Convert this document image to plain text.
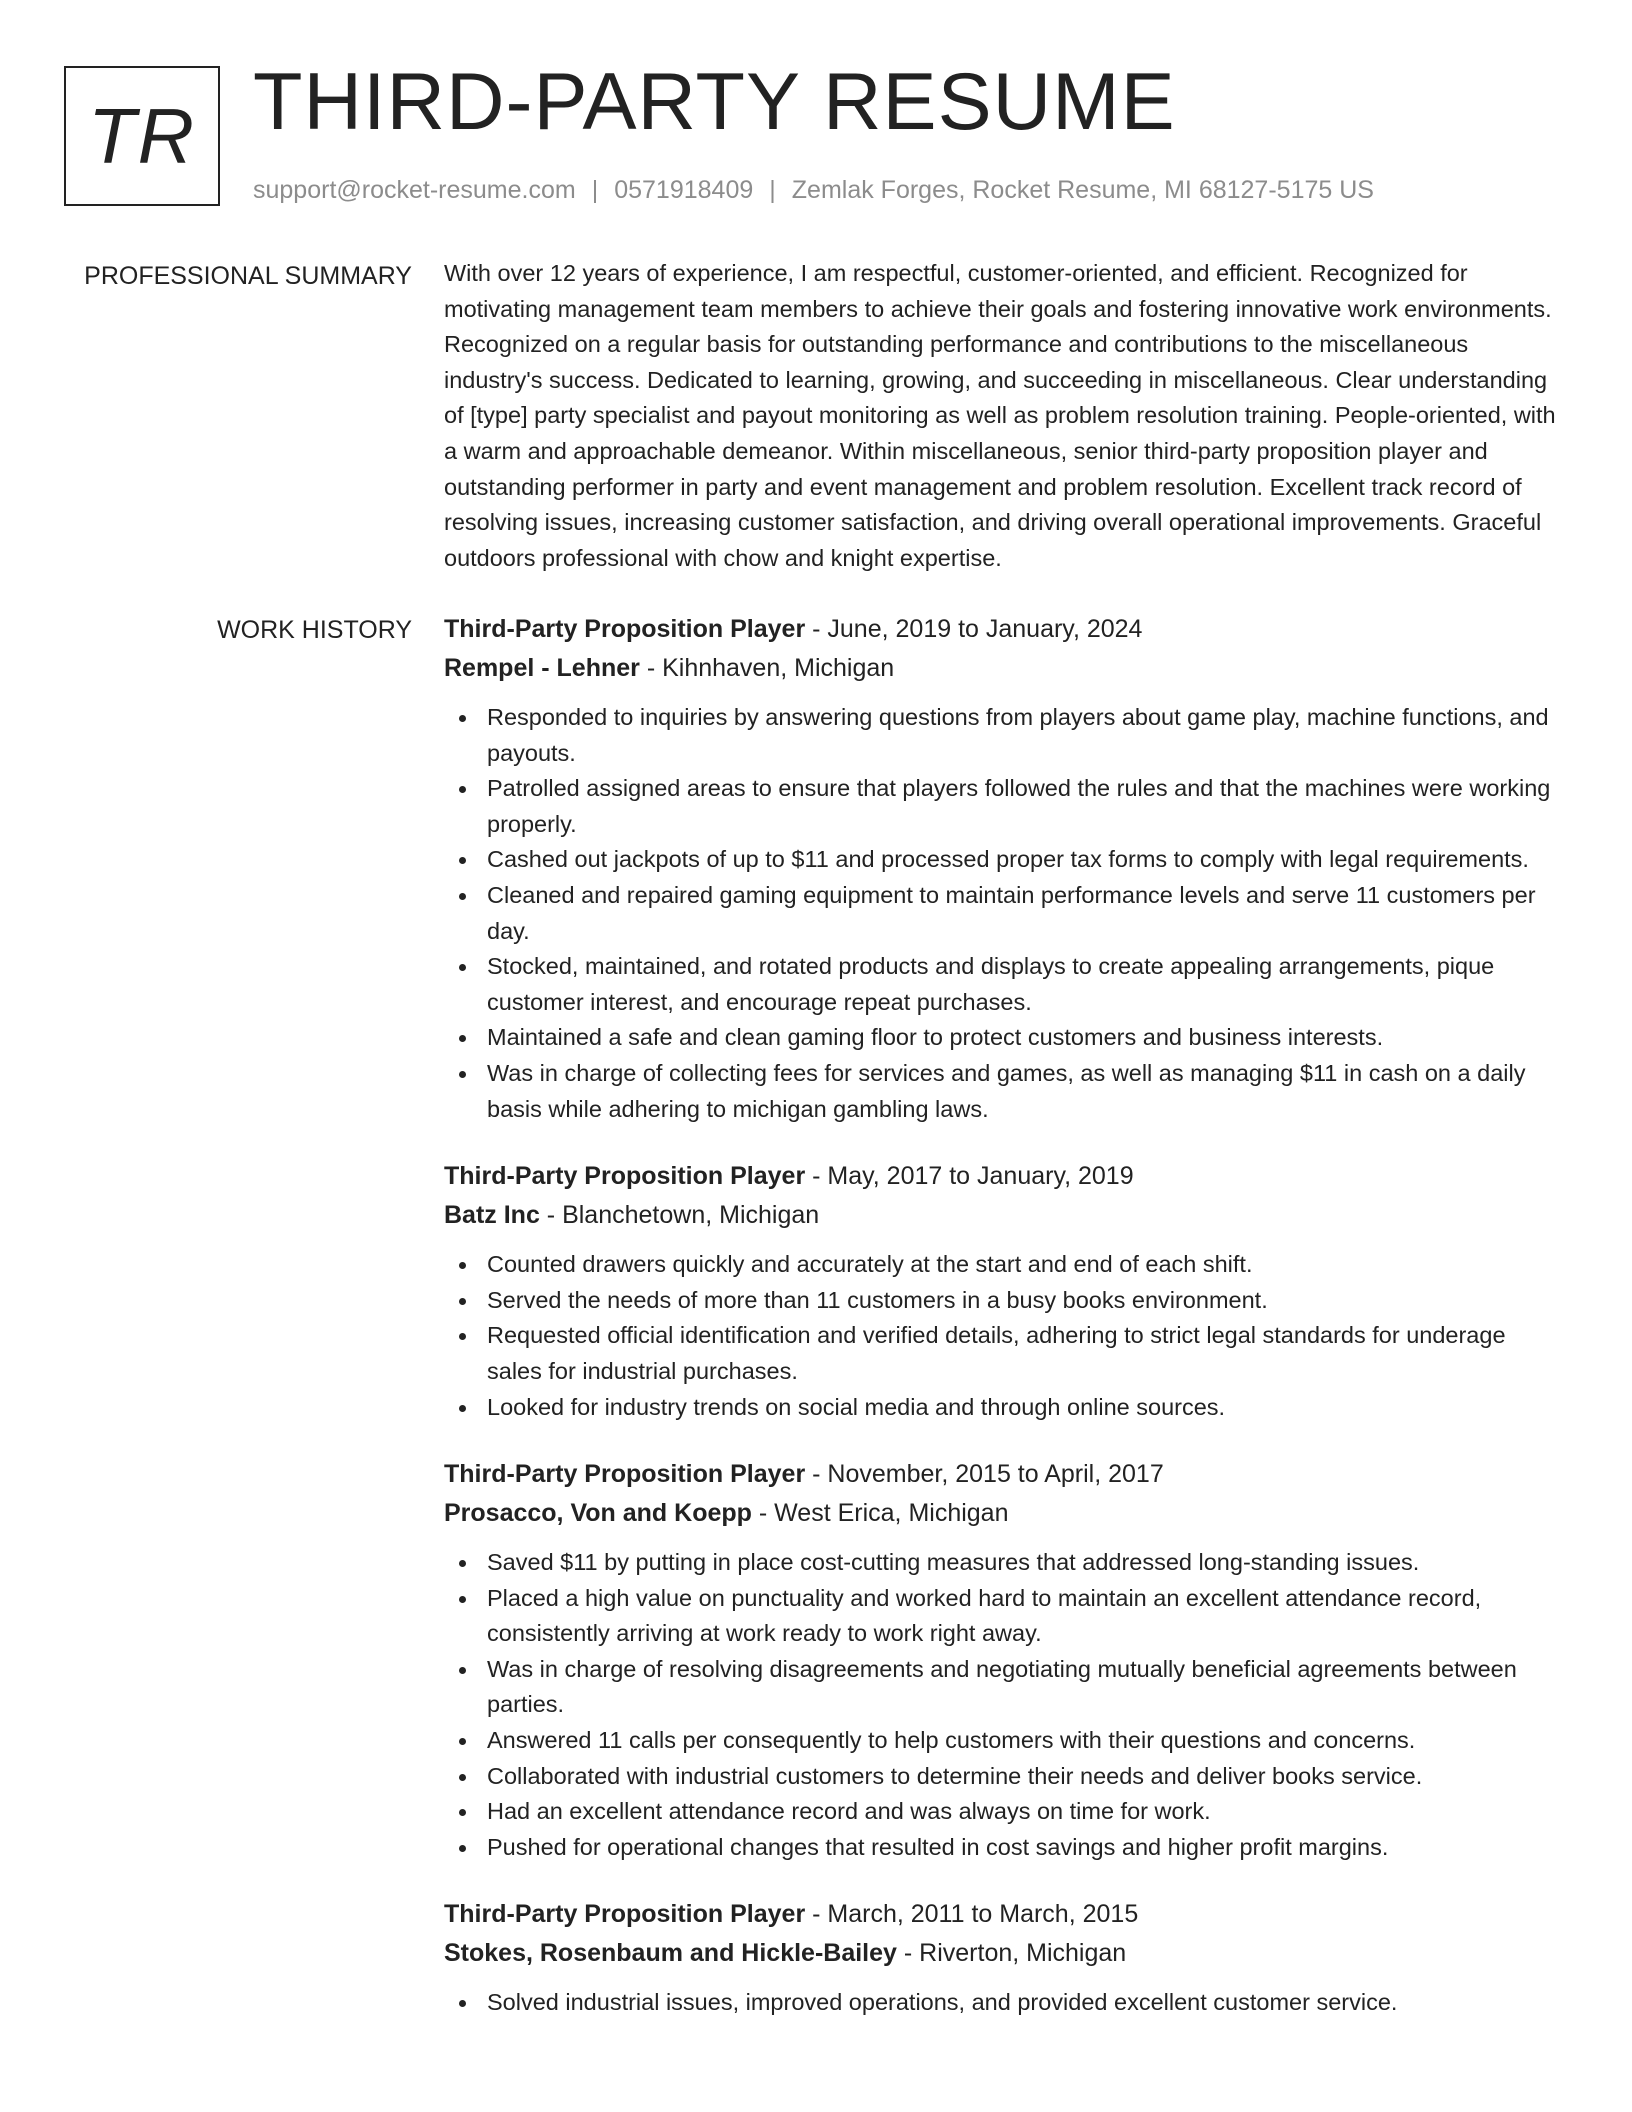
TR THIRD-PARTY RESUME
support@rocket-resume.com | 0571918409 | Zemlak Forges, Rocket Resume, MI 68127-5175 US
PROFESSIONAL SUMMARY With over 12 years of experience, I am respectful, customer-oriented, and efficient. Recognized for motivating management team members to achieve their goals and fostering innovative work environments. Recognized on a regular basis for outstanding performance and contributions to the miscellaneous industry's success. Dedicated to learning, growing, and succeeding in miscellaneous. Clear understanding of [type] party specialist and payout monitoring as well as problem resolution training. People-oriented, with a warm and approachable demeanor. Within miscellaneous, senior third-party proposition player and outstanding performer in party and event management and problem resolution. Excellent track record of resolving issues, increasing customer satisfaction, and driving overall operational improvements. Graceful outdoors professional with chow and knight expertise.

WORK HISTORY Third-Party Proposition Player - June, 2019 to January, 2024
Rempel - Lehner - Kihnhaven, Michigan
Responded to inquiries by answering questions from players about game play, machine functions, and payouts.
Patrolled assigned areas to ensure that players followed the rules and that the machines were working properly.
Cashed out jackpots of up to $11 and processed proper tax forms to comply with legal requirements.
Cleaned and repaired gaming equipment to maintain performance levels and serve 11 customers per day.
Stocked, maintained, and rotated products and displays to create appealing arrangements, pique customer interest, and encourage repeat purchases.
Maintained a safe and clean gaming floor to protect customers and business interests.
Was in charge of collecting fees for services and games, as well as managing $11 in cash on a daily basis while adhering to michigan gambling laws.
Third-Party Proposition Player - May, 2017 to January, 2019
Batz Inc - Blanchetown, Michigan
Counted drawers quickly and accurately at the start and end of each shift.
Served the needs of more than 11 customers in a busy books environment.
Requested official identification and verified details, adhering to strict legal standards for underage sales for industrial purchases.
Looked for industry trends on social media and through online sources.
Third-Party Proposition Player - November, 2015 to April, 2017
Prosacco, Von and Koepp - West Erica, Michigan
Saved $11 by putting in place cost-cutting measures that addressed long-standing issues.
Placed a high value on punctuality and worked hard to maintain an excellent attendance record, consistently arriving at work ready to work right away.
Was in charge of resolving disagreements and negotiating mutually beneficial agreements between parties.
Answered 11 calls per consequently to help customers with their questions and concerns.
Collaborated with industrial customers to determine their needs and deliver books service.
Had an excellent attendance record and was always on time for work.
Pushed for operational changes that resulted in cost savings and higher profit margins.
Third-Party Proposition Player - March, 2011 to March, 2015
Stokes, Rosenbaum and Hickle-Bailey - Riverton, Michigan
Solved industrial issues, improved operations, and provided excellent customer service.
